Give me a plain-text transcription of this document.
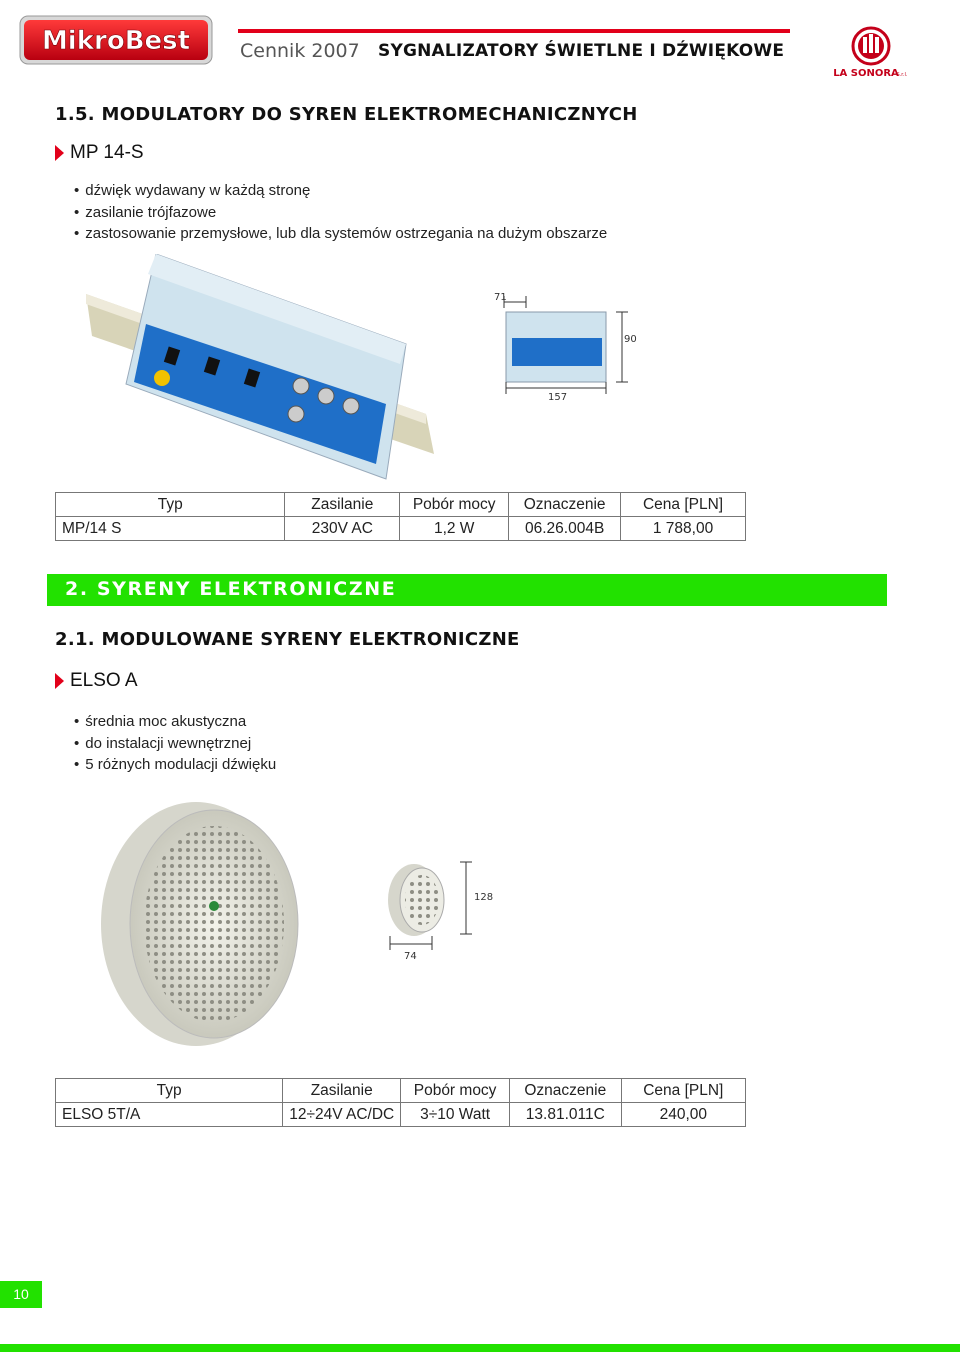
MikroBest	Cennik 2007 SYGNALIZATORY ŚWIETLNE I DŹWIĘKOWE
LA SONORA
S.r.l.
1.5. MODULATORY DO SYREN ELEKTROMECHANICZNYCH
MP 14-S
• dźwięk wydawany w każdą stronę
• zasilanie trójfazowe
• zastosowanie przemysłowe, lub dla systemów ostrzegania na dużym obszarze
71
90
157
Typ	Zasilanie	Pobór mocy	Oznaczenie	Cena [PLN]
MP/14 S	230V AC	1,2 W	06.26.004B	1 788,00
2. SYRENY ELEKTRONICZNE
2.1. MODULOWANE SYRENY ELEKTRONICZNE
ELSO A
• średnia moc akustyczna
• do instalacji wewnętrznej
• 5 różnych modulacji dźwięku
128
74
Typ	Zasilanie	Pobór mocy	Oznaczenie	Cena [PLN]
ELSO 5T/A	12÷24V AC/DC	3÷10 Watt	13.81.011C	240,00
10
